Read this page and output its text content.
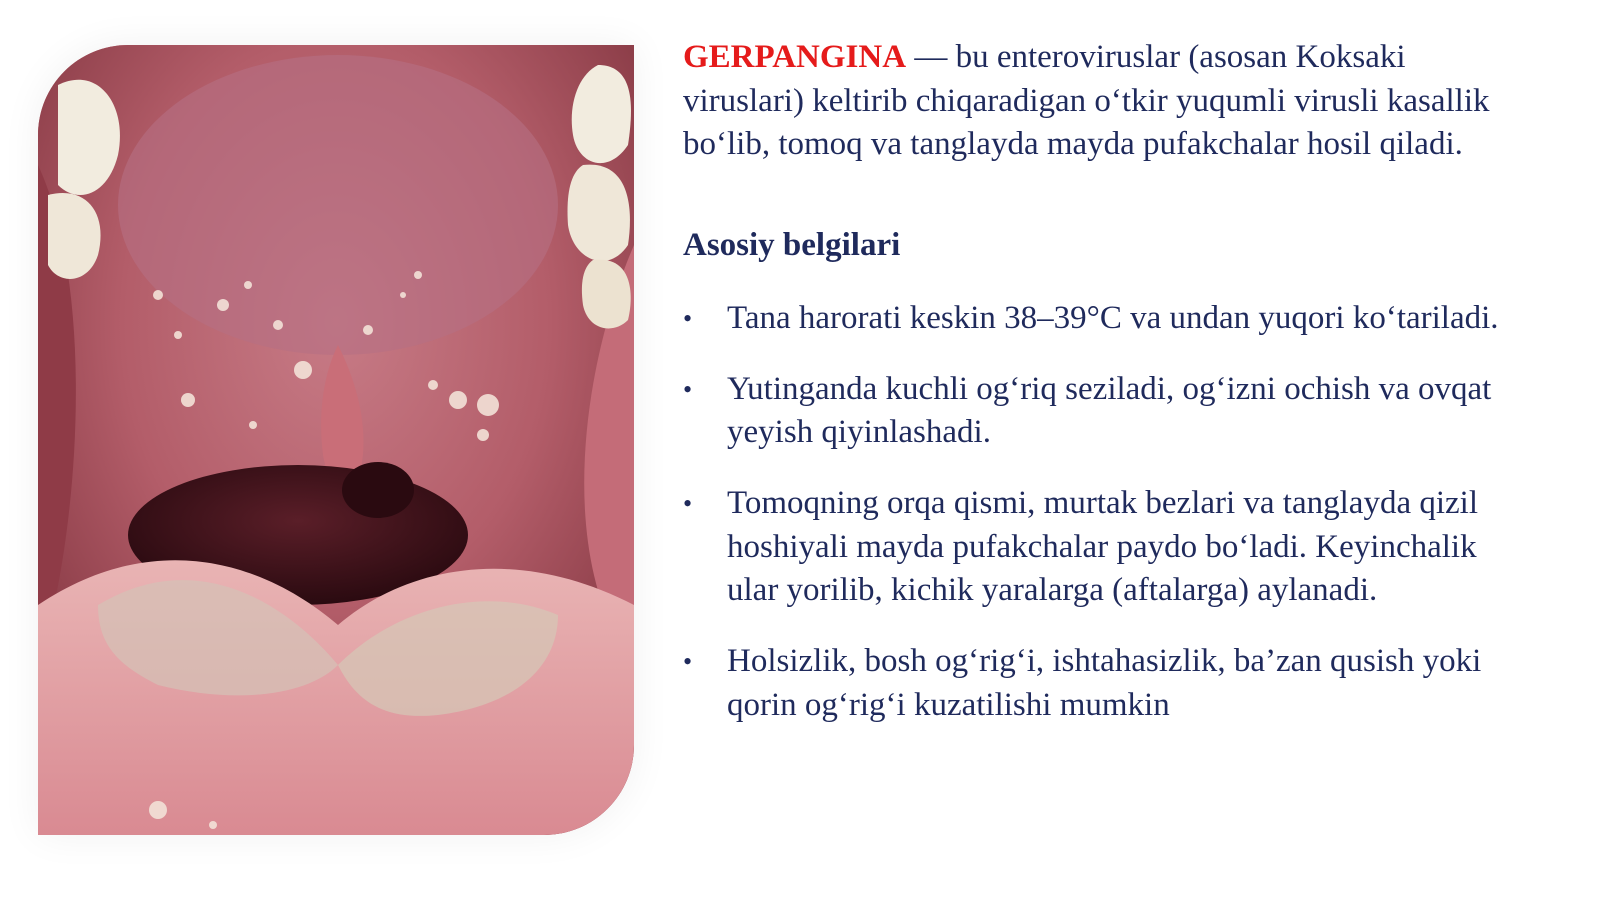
GERPANGINA — bu enteroviruslar (asosan Koksaki viruslari) keltirib chiqaradigan o‘tkir yuqumli virusli kasallik bo‘lib, tomoq va tanglayda mayda pufakchalar hosil qiladi.

Asosiy belgilari
• Tana harorati keskin 38–39°C va undan yuqori ko‘tariladi.
• Yutinganda kuchli og‘riq seziladi, og‘izni ochish va ovqat yeyish qiyinlashadi.
• Tomoqning orqa qismi, murtak bezlari va tanglayda qizil hoshiyali mayda pufakchalar paydo bo‘ladi. Keyinchalik ular yorilib, kichik yaralarga (aftalarga) aylanadi.
• Holsizlik, bosh og‘rig‘i, ishtahasizlik, ba’zan qusish yoki qorin og‘rig‘i kuzatilishi mumkin
